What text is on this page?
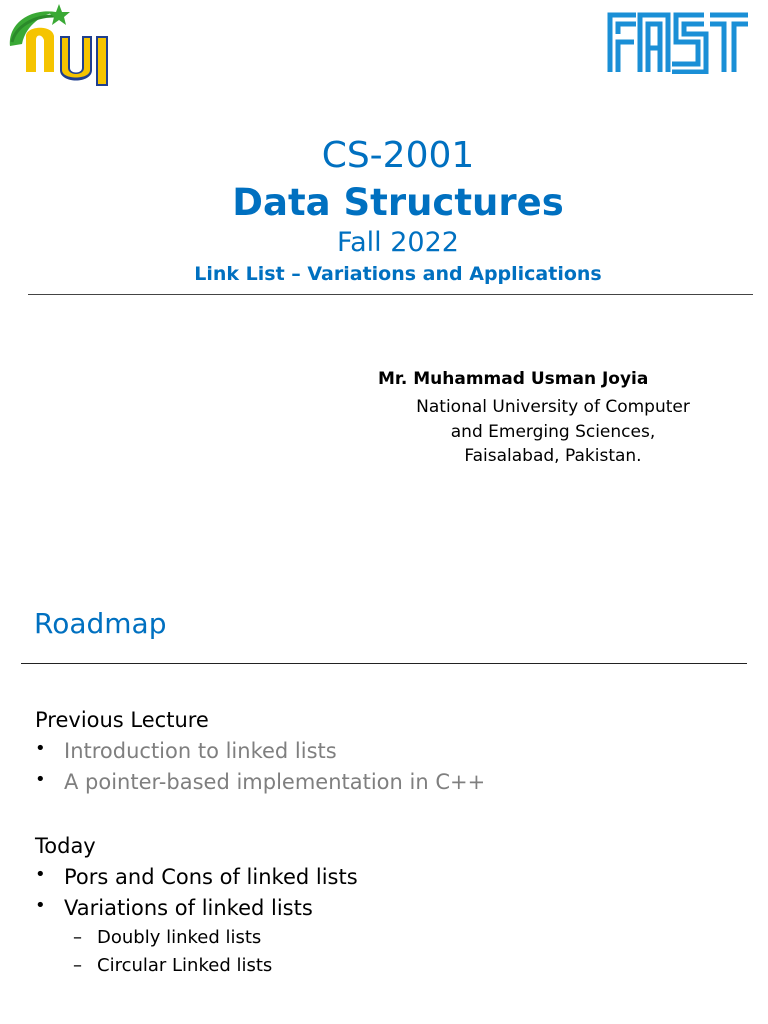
CS-2001
Data Structures
Fall 2022
Link List – Variations and Applications
Mr. Muhammad Usman Joyia
National University of Computer
and Emerging Sciences,
Faisalabad, Pakistan.
Roadmap
Previous Lecture
• Introduction to linked lists
• A pointer-based implementation in C++
Today
• Pors and Cons of linked lists
• Variations of linked lists
– Doubly linked lists
– Circular Linked lists
